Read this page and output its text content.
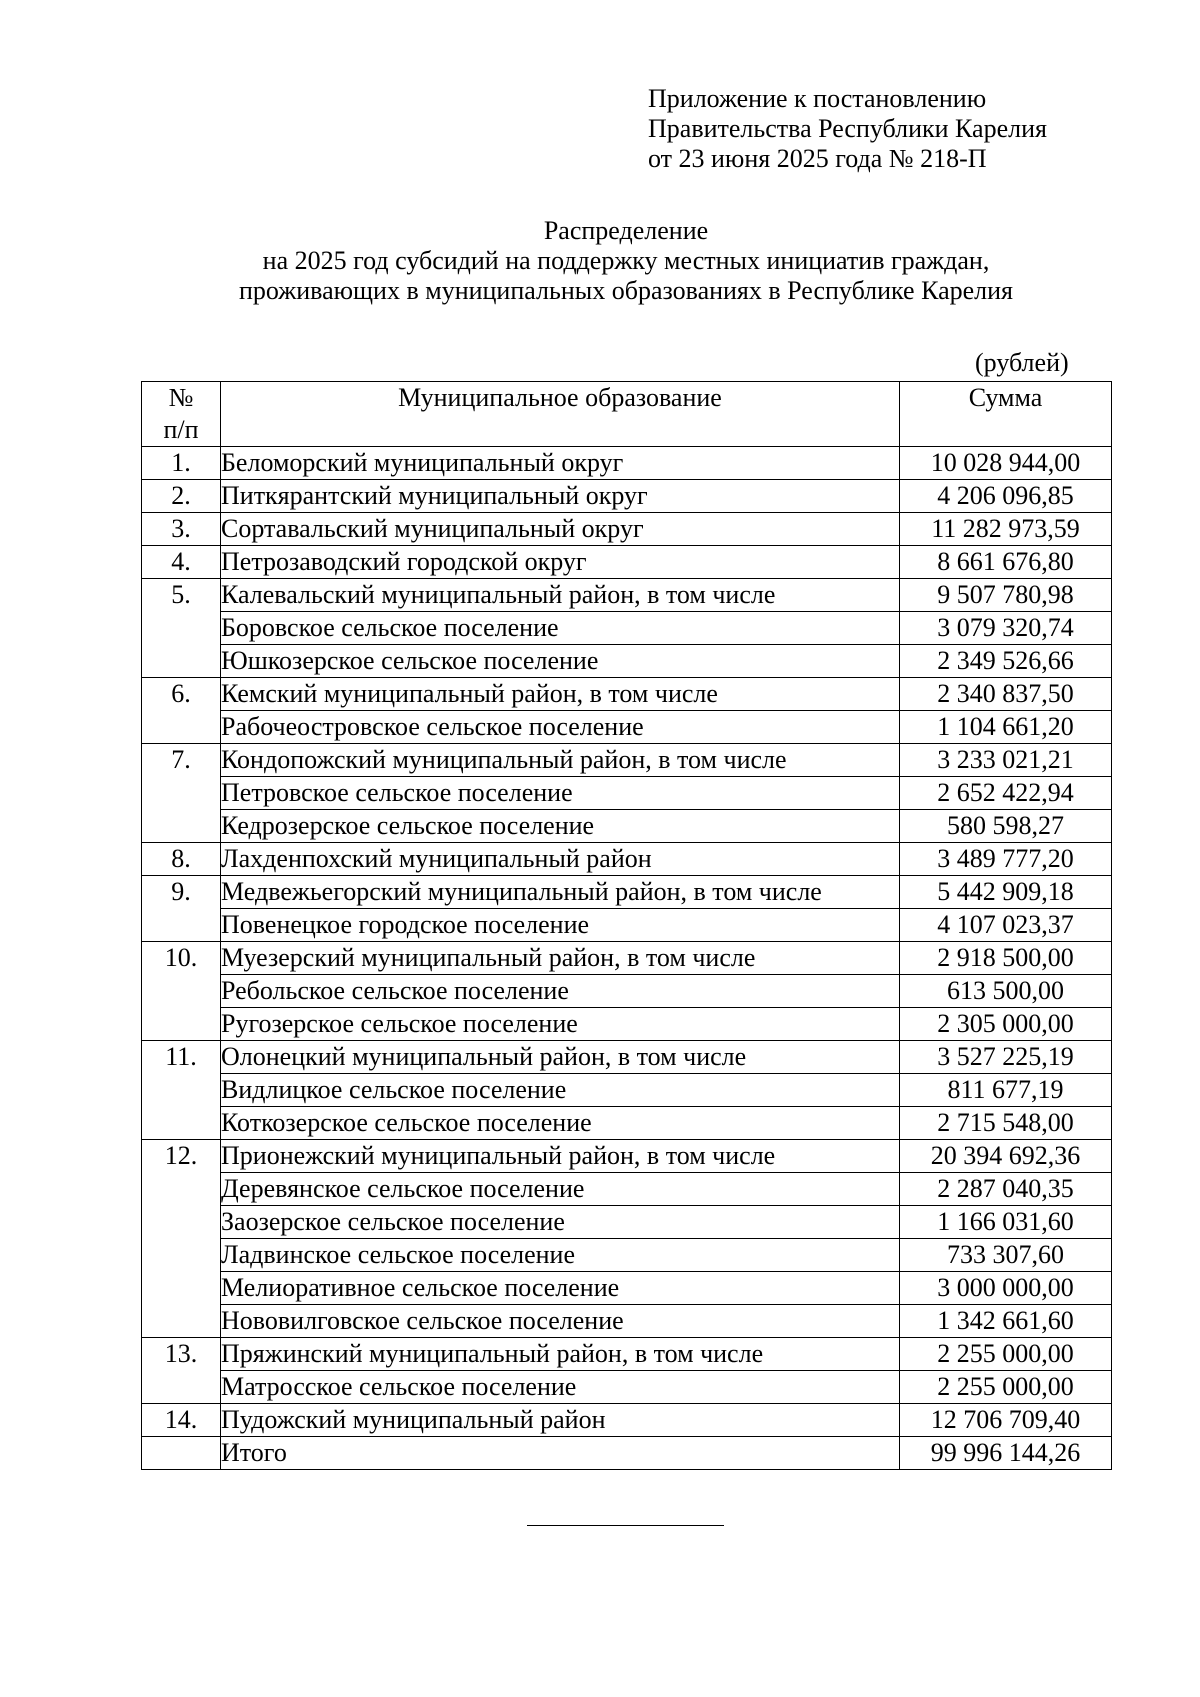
Приложение к постановлению
Правительства Республики Карелия
от 23 июня 2025 года № 218-П
Распределение
на 2025 год субсидий на поддержку местных инициатив граждан,
проживающих в муниципальных образованиях в Республике Карелия
(рублей)
№
п/п	Муниципальное образование	Сумма
1.	Беломорский муниципальный округ	10 028 944,00
2.	Питкярантский муниципальный округ	4 206 096,85
3.	Сортавальский муниципальный округ	11 282 973,59
4.	Петрозаводский городской округ	8 661 676,80
5.	Калевальский муниципальный район, в том числе	9 507 780,98
	Боровское сельское поселение	3 079 320,74
	Юшкозерское сельское поселение	2 349 526,66
6.	Кемский муниципальный район, в том числе	2 340 837,50
	Рабочеостровское сельское поселение	1 104 661,20
7.	Кондопожский муниципальный район, в том числе	3 233 021,21
	Петровское сельское поселение	2 652 422,94
	Кедрозерское сельское поселение	580 598,27
8.	Лахденпохский муниципальный район	3 489 777,20
9.	Медвежьегорский муниципальный район, в том числе	5 442 909,18
	Повенецкое городское поселение	4 107 023,37
10.	Муезерский муниципальный район, в том числе	2 918 500,00
	Ребольское сельское поселение	613 500,00
	Ругозерское сельское поселение	2 305 000,00
11.	Олонецкий муниципальный район, в том числе	3 527 225,19
	Видлицкое сельское поселение	811 677,19
	Коткозерское сельское поселение	2 715 548,00
12.	Прионежский муниципальный район, в том числе	20 394 692,36
	Деревянское сельское поселение	2 287 040,35
	Заозерское сельское поселение	1 166 031,60
	Ладвинское сельское поселение	733 307,60
	Мелиоративное сельское поселение	3 000 000,00
	Нововилговское сельское поселение	1 342 661,60
13.	Пряжинский муниципальный район, в том числе	2 255 000,00
	Матросское сельское поселение	2 255 000,00
14.	Пудожский муниципальный район	12 706 709,40
	Итого	99 996 144,26
